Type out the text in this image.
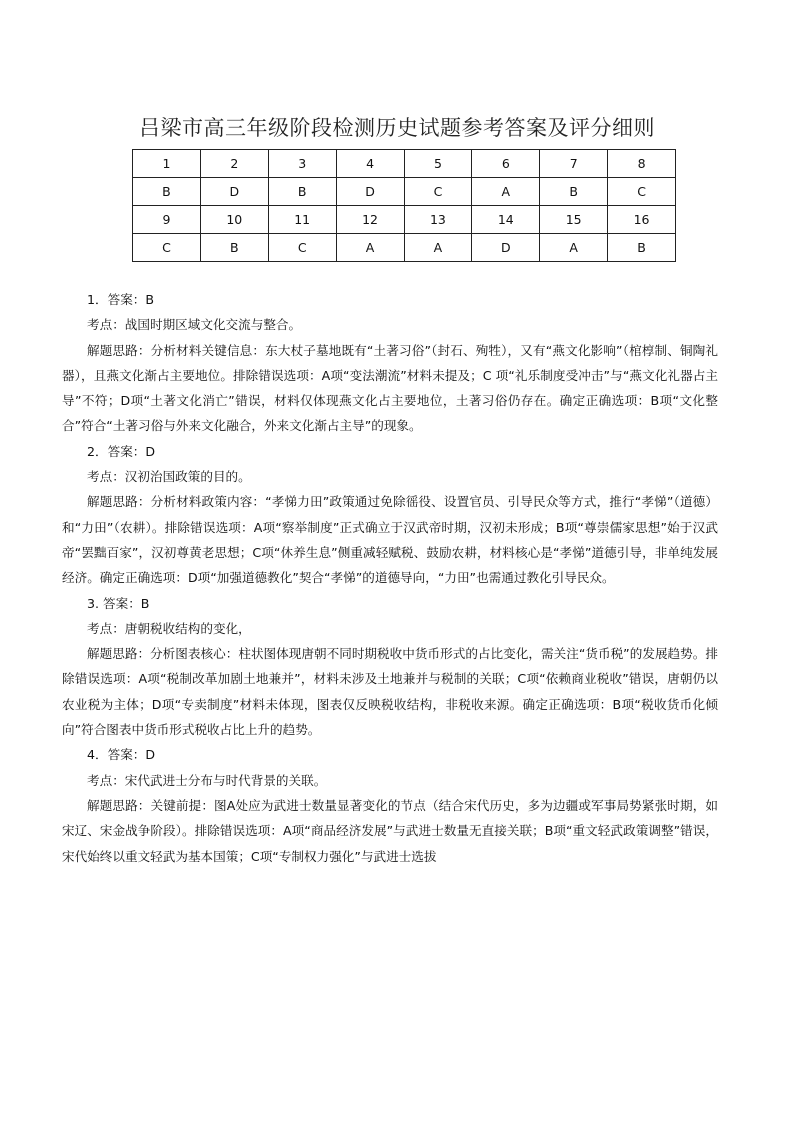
吕梁市高三年级阶段检测历史试题参考答案及评分细则
1	2	3	4	5	6	7	8
B	D	B	D	C	A	B	C
9	10	11	12	13	14	15	16
C	B	C	A	A	D	A	B

1．答案：B

考点：战国时期区域文化交流与整合。

解题思路：分析材料关键信息：东大杖子墓地既有“土著习俗”（封石、殉牲），又有“燕文化影响”（棺椁制、铜陶礼器），且燕文化渐占主要地位。排除错误选项：A项“变法潮流”材料未提及；C 项“礼乐制度受冲击”与“燕文化礼器占主导”不符；D项“土著文化消亡”错误，材料仅体现燕文化占主要地位，土著习俗仍存在。确定正确选项：B项“文化整合”符合“土著习俗与外来文化融合，外来文化渐占主导”的现象。

2．答案：D

考点：汉初治国政策的目的。

解题思路：分析材料政策内容：“孝悌力田”政策通过免除徭役、设置官员、引导民众等方式，推行“孝悌”（道德）和“力田”（农耕）。排除错误选项：A项“察举制度”正式确立于汉武帝时期，汉初未形成；B项“尊崇儒家思想”始于汉武帝“罢黜百家”，汉初尊黄老思想；C项“休养生息”侧重减轻赋税、鼓励农耕，材料核心是“孝悌”道德引导，非单纯发展经济。确定正确选项：D项“加强道德教化”契合“孝悌”的道德导向，“力田”也需通过教化引导民众。

3. 答案：B

考点：唐朝税收结构的变化，

解题思路：分析图表核心：柱状图体现唐朝不同时期税收中货币形式的占比变化，需关注“货币税”的发展趋势。排除错误选项：A项“税制改革加剧土地兼并”，材料未涉及土地兼并与税制的关联；C项“依赖商业税收”错误，唐朝仍以农业税为主体；D项“专卖制度”材料未体现，图表仅反映税收结构，非税收来源。确定正确选项：B项“税收货币化倾向”符合图表中货币形式税收占比上升的趋势。

4．答案：D

考点：宋代武进士分布与时代背景的关联。

解题思路：关键前提：图A处应为武进士数量显著变化的节点（结合宋代历史，多为边疆或军事局势紧张时期，如宋辽、宋金战争阶段）。排除错误选项：A项“商品经济发展”与武进士数量无直接关联；B项“重文轻武政策调整”错误，宋代始终以重文轻武为基本国策；C项“专制权力强化”与武进士选拔
